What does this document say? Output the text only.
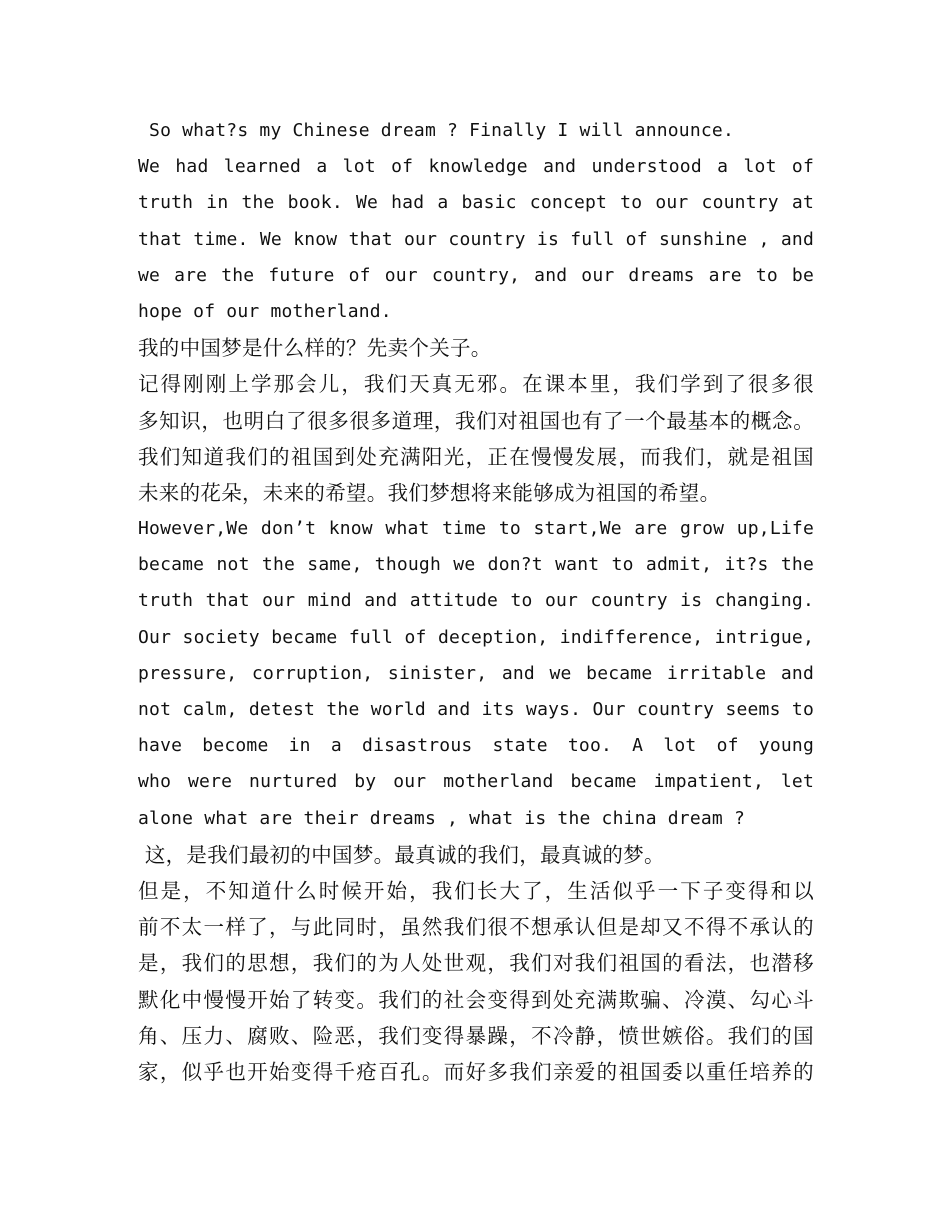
So what?s my Chinese dream ? Finally I will announce.
We had learned a lot of knowledge and understood a lot of
truth in the book. We had a basic concept to our country at
that time. We know that our country is full of sunshine , and
we are the future of our country, and our dreams are to be
hope of our motherland.
我的中国梦是什么样的？先卖个关子。
记得刚刚上学那会儿，我们天真无邪。在课本里，我们学到了很多很
多知识，也明白了很多很多道理，我们对祖国也有了一个最基本的概念。
我们知道我们的祖国到处充满阳光，正在慢慢发展，而我们，就是祖国
未来的花朵，未来的希望。我们梦想将来能够成为祖国的希望。
However,We don’t know what time to start,We are grow up,Life
became not the same, though we don?t want to admit, it?s the
truth that our mind and attitude to our country is changing.
Our society became full of deception, indifference, intrigue,
pressure, corruption, sinister, and we became irritable and
not calm, detest the world and its ways. Our country seems to
have become in a disastrous state too. A lot of young
who were nurtured by our motherland became impatient, let
alone what are their dreams , what is the china dream ?
这，是我们最初的中国梦。最真诚的我们，最真诚的梦。
但是，不知道什么时候开始，我们长大了，生活似乎一下子变得和以
前不太一样了，与此同时，虽然我们很不想承认但是却又不得不承认的
是，我们的思想，我们的为人处世观，我们对我们祖国的看法，也潜移
默化中慢慢开始了转变。我们的社会变得到处充满欺骗、冷漠、勾心斗
角、压力、腐败、险恶，我们变得暴躁，不冷静，愤世嫉俗。我们的国
家，似乎也开始变得千疮百孔。而好多我们亲爱的祖国委以重任培养的
